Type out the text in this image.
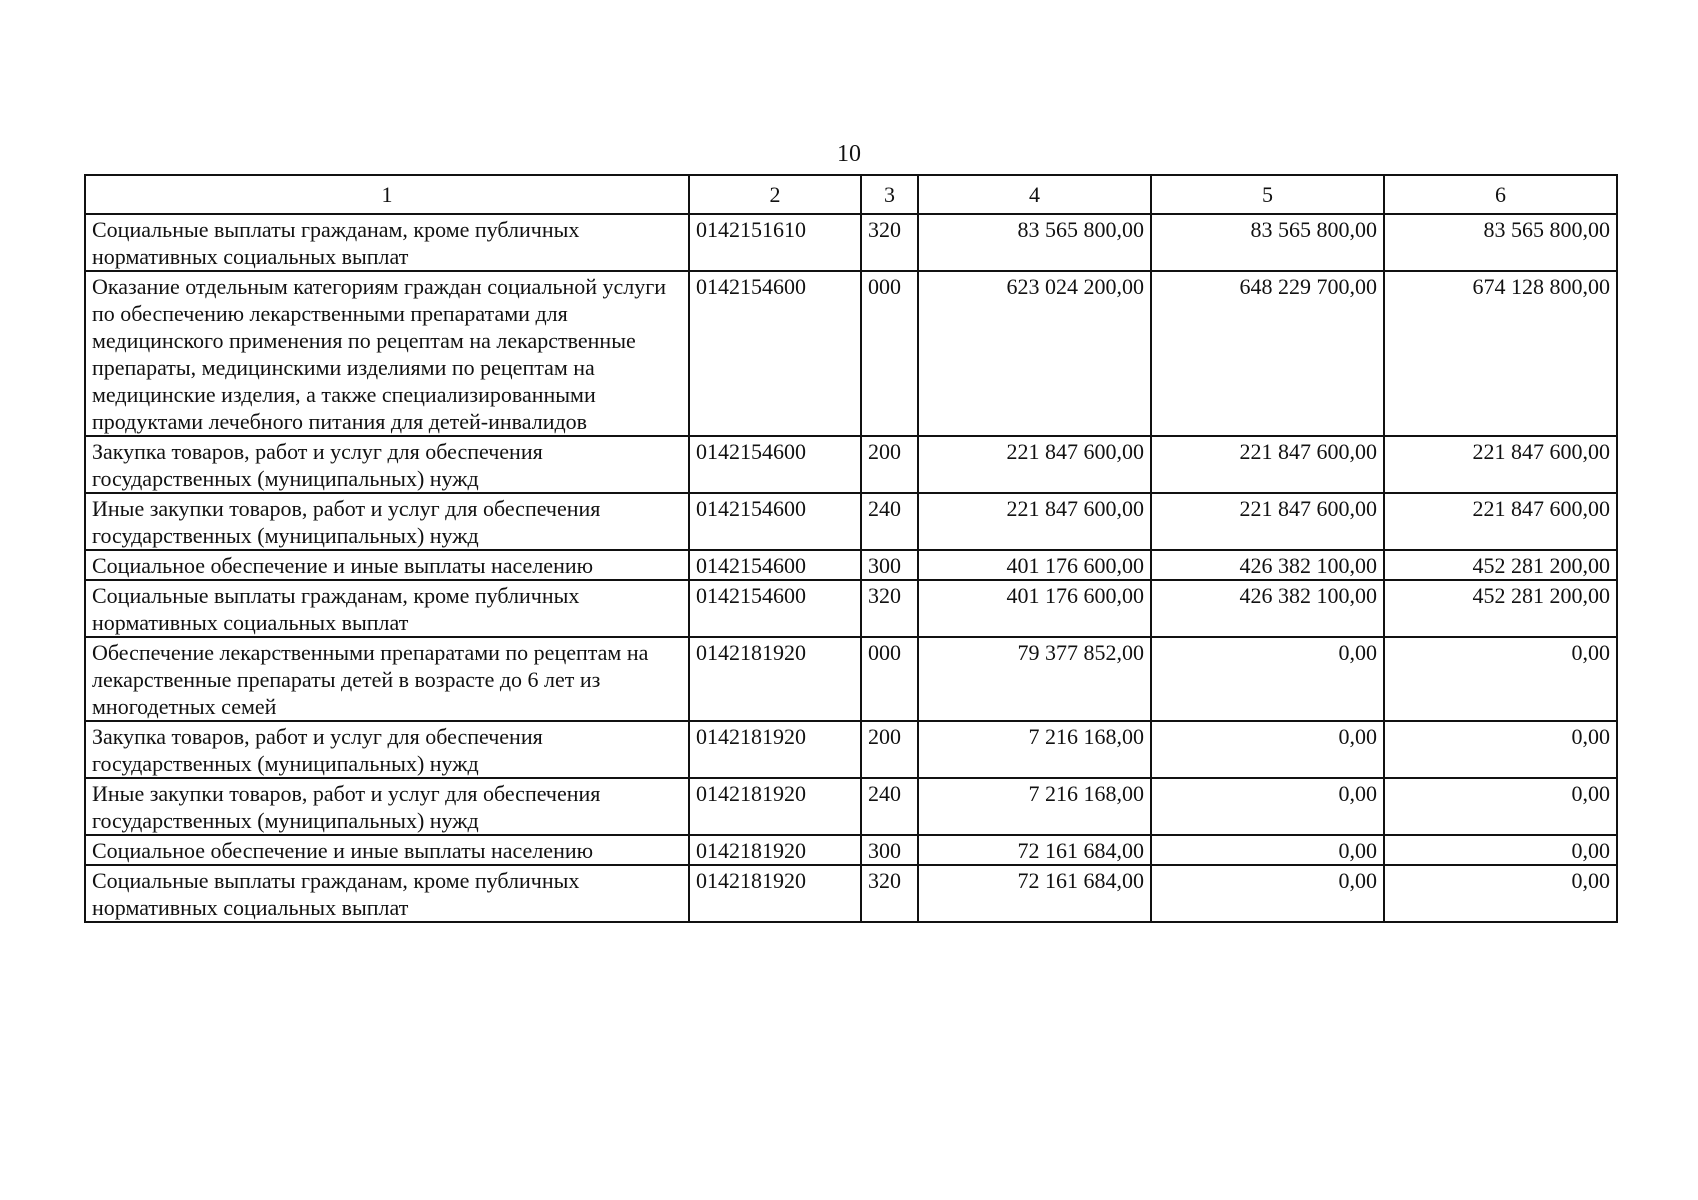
10
1	2	3	4	5	6
Социальные выплаты гражданам, кроме публичных нормативных социальных выплат	0142151610	320	83 565 800,00	83 565 800,00	83 565 800,00
Оказание отдельным категориям граждан социальной услуги по обеспечению лекарственными препаратами для медицинского применения по рецептам на лекарственные препараты, медицинскими изделиями по рецептам на медицинские изделия, а также специализированными продуктами лечебного питания для детей-инвалидов	0142154600	000	623 024 200,00	648 229 700,00	674 128 800,00
Закупка товаров, работ и услуг для обеспечения государственных (муниципальных) нужд	0142154600	200	221 847 600,00	221 847 600,00	221 847 600,00
Иные закупки товаров, работ и услуг для обеспечения государственных (муниципальных) нужд	0142154600	240	221 847 600,00	221 847 600,00	221 847 600,00
Социальное обеспечение и иные выплаты населению	0142154600	300	401 176 600,00	426 382 100,00	452 281 200,00
Социальные выплаты гражданам, кроме публичных нормативных социальных выплат	0142154600	320	401 176 600,00	426 382 100,00	452 281 200,00
Обеспечение лекарственными препаратами по рецептам на лекарственные препараты детей в возрасте до 6 лет из многодетных семей	0142181920	000	79 377 852,00	0,00	0,00
Закупка товаров, работ и услуг для обеспечения государственных (муниципальных) нужд	0142181920	200	7 216 168,00	0,00	0,00
Иные закупки товаров, работ и услуг для обеспечения государственных (муниципальных) нужд	0142181920	240	7 216 168,00	0,00	0,00
Социальное обеспечение и иные выплаты населению	0142181920	300	72 161 684,00	0,00	0,00
Социальные выплаты гражданам, кроме публичных нормативных социальных выплат	0142181920	320	72 161 684,00	0,00	0,00
